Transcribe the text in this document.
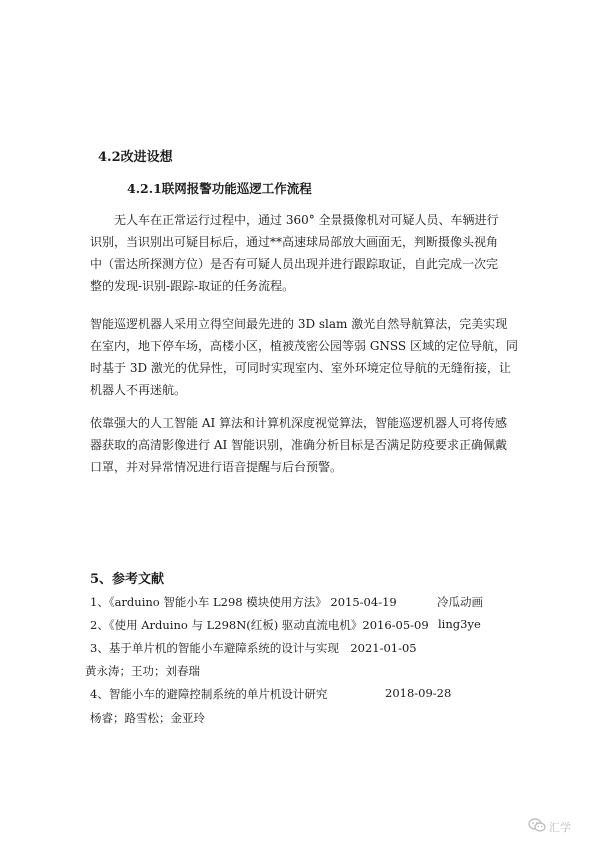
4.2改进设想
4.2.1联网报警功能巡逻工作流程
无人车在正常运行过程中，通过 360° 全景摄像机对可疑人员、车辆进行
识别，当识别出可疑目标后，通过**高速球局部放大画面无，判断摄像头视角
中（雷达所探测方位）是否有可疑人员出现并进行跟踪取证，自此完成一次完
整的发现-识别-跟踪-取证的任务流程。
智能巡逻机器人采用立得空间最先进的 3D slam 激光自然导航算法，完美实现
在室内，地下停车场，高楼小区，植被茂密公园等弱 GNSS 区域的定位导航，同
时基于 3D 激光的优异性，可同时实现室内、室外环境定位导航的无缝衔接，让
机器人不再迷航。
依靠强大的人工智能 AI 算法和计算机深度视觉算法，智能巡逻机器人可将传感
器获取的高清影像进行 AI 智能识别，准确分析目标是否满足防疫要求正确佩戴
口罩，并对异常情况进行语音提醒与后台预警。
5、参考文献
1、《arduino 智能小车 L298 模块使用方法》 2015-04-19	冷瓜动画
2、《使用 Arduino 与 L298N(红板) 驱动直流电机》2016-05-09 ling3ye
3、基于单片机的智能小车避障系统的设计与实现　2021-01-05
黄永涛；王功；刘春瑞
4、智能小车的避障控制系统的单片机设计研究	2018-09-28
杨睿；路雪松；金亚玲
汇学
